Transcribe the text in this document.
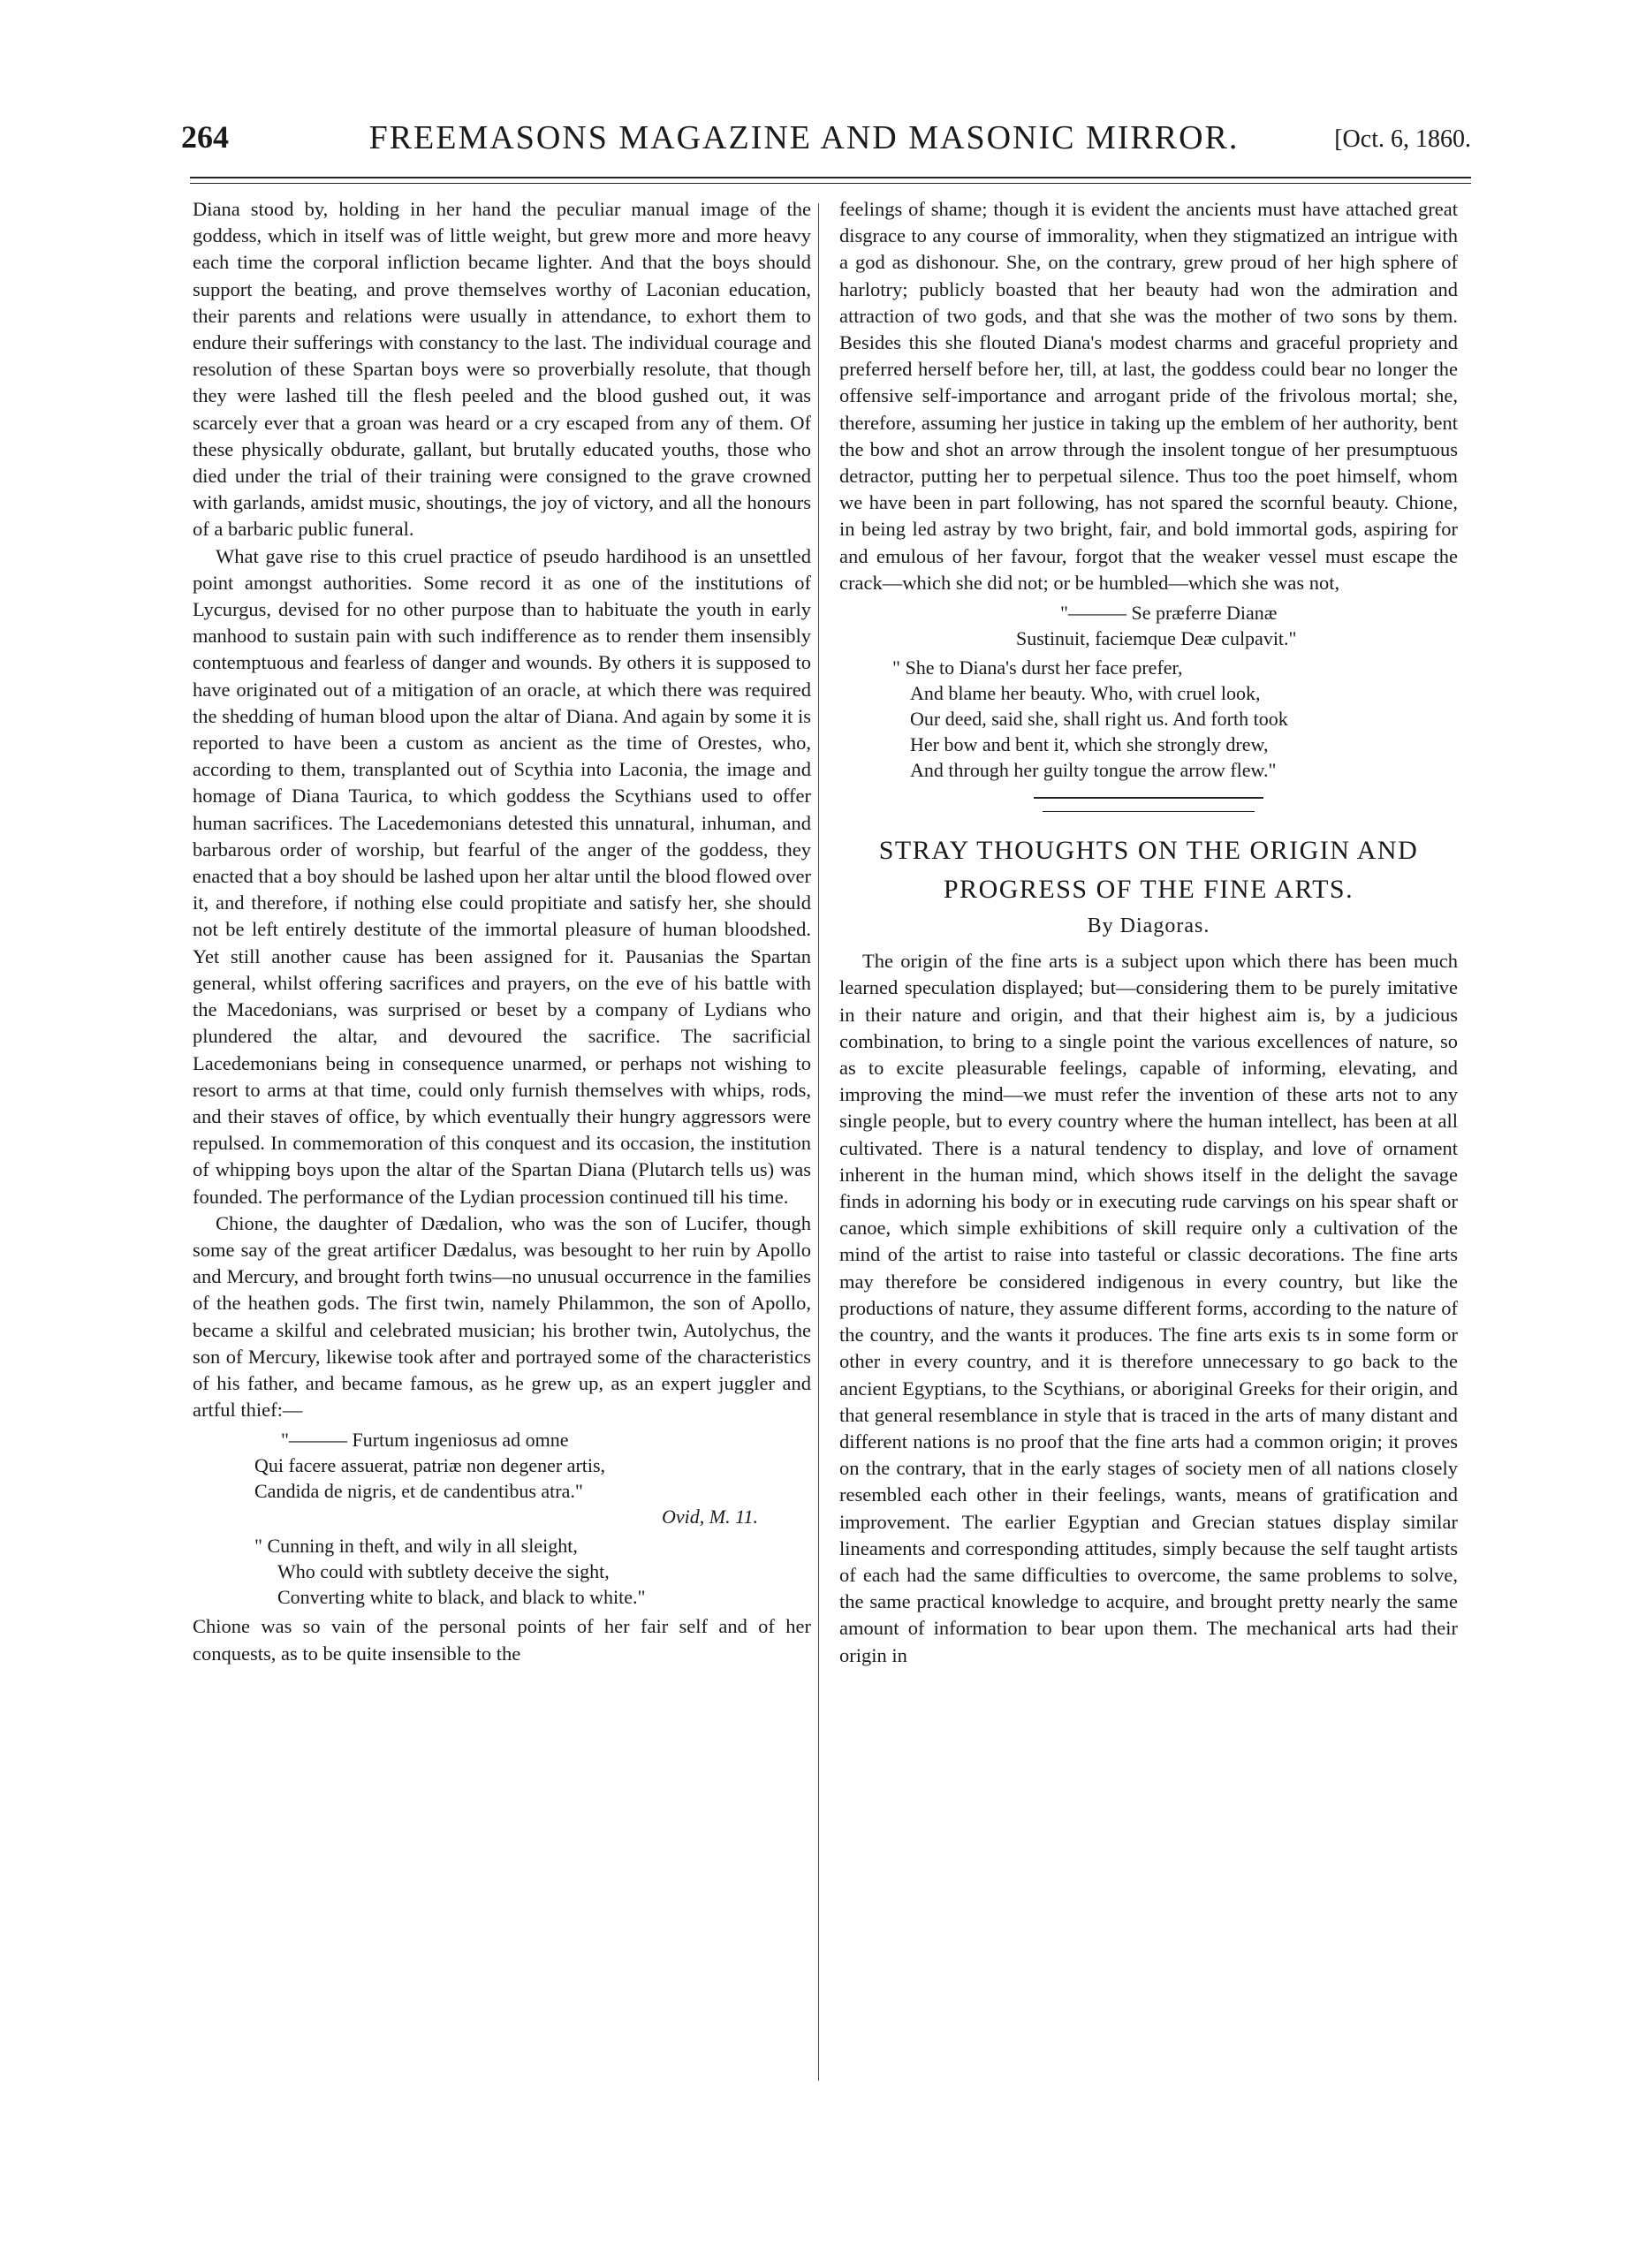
264	FREEMASONS MAGAZINE AND MASONIC MIRROR.	[Oct. 6, 1860.

Diana stood by, holding in her hand the peculiar manual image of the goddess, which in itself was of little weight, but grew more and more heavy each time the corporal infliction became lighter. And that the boys should support the beating, and prove themselves worthy of Laconian education, their parents and relations were usually in attendance, to exhort them to endure their sufferings with constancy to the last. The individual courage and resolution of these Spartan boys were so proverbially resolute, that though they were lashed till the flesh peeled and the blood gushed out, it was scarcely ever that a groan was heard or a cry escaped from any of them. Of these physically obdurate, gallant, but brutally educated youths, those who died under the trial of their training were consigned to the grave crowned with garlands, amidst music, shoutings, the joy of victory, and all the honours of a barbaric public funeral.

What gave rise to this cruel practice of pseudo hardihood is an unsettled point amongst authorities. Some record it as one of the institutions of Lycurgus, devised for no other purpose than to habituate the youth in early manhood to sustain pain with such indifference as to render them insensibly contemptuous and fearless of danger and wounds. By others it is supposed to have originated out of a mitigation of an oracle, at which there was required the shedding of human blood upon the altar of Diana. And again by some it is reported to have been a custom as ancient as the time of Orestes, who, according to them, transplanted out of Scythia into Laconia, the image and homage of Diana Taurica, to which goddess the Scythians used to offer human sacrifices. The Lacedemonians detested this unnatural, inhuman, and barbarous order of worship, but fearful of the anger of the goddess, they enacted that a boy should be lashed upon her altar until the blood flowed over it, and therefore, if nothing else could propitiate and satisfy her, she should not be left entirely destitute of the immortal pleasure of human bloodshed. Yet still another cause has been assigned for it. Pausanias the Spartan general, whilst offering sacrifices and prayers, on the eve of his battle with the Macedonians, was surprised or beset by a company of Lydians who plundered the altar, and devoured the sacrifice. The sacrificial Lacedemonians being in consequence unarmed, or perhaps not wishing to resort to arms at that time, could only furnish themselves with whips, rods, and their staves of office, by which eventually their hungry aggressors were repulsed. In commemoration of this conquest and its occasion, the institution of whipping boys upon the altar of the Spartan Diana (Plutarch tells us) was founded. The performance of the Lydian procession continued till his time.

Chione, the daughter of Dædalion, who was the son of Lucifer, though some say of the great artificer Dædalus, was besought to her ruin by Apollo and Mercury, and brought forth twins—no unusual occurrence in the families of the heathen gods. The first twin, namely Philammon, the son of Apollo, became a skilful and celebrated musician; his brother twin, Autolychus, the son of Mercury, likewise took after and portrayed some of the characteristics of his father, and became famous, as he grew up, as an expert juggler and artful thief:—

"——— Furtum ingeniosus ad omne
Qui facere assuerat, patriæ non degener artis,
Candida de nigris, et de candentibus atra."
Ovid, M. 11.
" Cunning in theft, and wily in all sleight,
Who could with subtlety deceive the sight,
Converting white to black, and black to white."

Chione was so vain of the personal points of her fair self and of her conquests, as to be quite insensible to the

feelings of shame; though it is evident the ancients must have attached great disgrace to any course of immorality, when they stigmatized an intrigue with a god as dishonour. She, on the contrary, grew proud of her high sphere of harlotry; publicly boasted that her beauty had won the admiration and attraction of two gods, and that she was the mother of two sons by them. Besides this she flouted Diana's modest charms and graceful propriety and preferred herself before her, till, at last, the goddess could bear no longer the offensive self-importance and arrogant pride of the frivolous mortal; she, therefore, assuming her justice in taking up the emblem of her authority, bent the bow and shot an arrow through the insolent tongue of her presumptuous detractor, putting her to perpetual silence. Thus too the poet himself, whom we have been in part following, has not spared the scornful beauty. Chione, in being led astray by two bright, fair, and bold immortal gods, aspiring for and emulous of her favour, forgot that the weaker vessel must escape the crack—which she did not; or be humbled—which she was not,

"——— Se præferre Dianæ
Sustinuit, faciemque Deæ culpavit."
" She to Diana's durst her face prefer,
And blame her beauty. Who, with cruel look,
Our deed, said she, shall right us. And forth took
Her bow and bent it, which she strongly drew,
And through her guilty tongue the arrow flew."
STRAY THOUGHTS ON THE ORIGIN AND
PROGRESS OF THE FINE ARTS.
By Diagoras.

The origin of the fine arts is a subject upon which there has been much learned speculation displayed; but—considering them to be purely imitative in their nature and origin, and that their highest aim is, by a judicious combination, to bring to a single point the various excellences of nature, so as to excite pleasurable feelings, capable of informing, elevating, and improving the mind—we must refer the invention of these arts not to any single people, but to every country where the human intellect, has been at all cultivated. There is a natural tendency to display, and love of ornament inherent in the human mind, which shows itself in the delight the savage finds in adorning his body or in executing rude carvings on his spear shaft or canoe, which simple exhibitions of skill require only a cultivation of the mind of the artist to raise into tasteful or classic decorations. The fine arts may therefore be considered indigenous in every country, but like the productions of nature, they assume different forms, according to the nature of the country, and the wants it produces. The fine arts exis ts in some form or other in every country, and it is therefore unnecessary to go back to the ancient Egyptians, to the Scythians, or aboriginal Greeks for their origin, and that general resemblance in style that is traced in the arts of many distant and different nations is no proof that the fine arts had a common origin; it proves on the contrary, that in the early stages of society men of all nations closely resembled each other in their feelings, wants, means of gratification and improvement. The earlier Egyptian and Grecian statues display similar lineaments and corresponding attitudes, simply because the self taught artists of each had the same difficulties to overcome, the same problems to solve, the same practical knowledge to acquire, and brought pretty nearly the same amount of information to bear upon them. The mechanical arts had their origin in
